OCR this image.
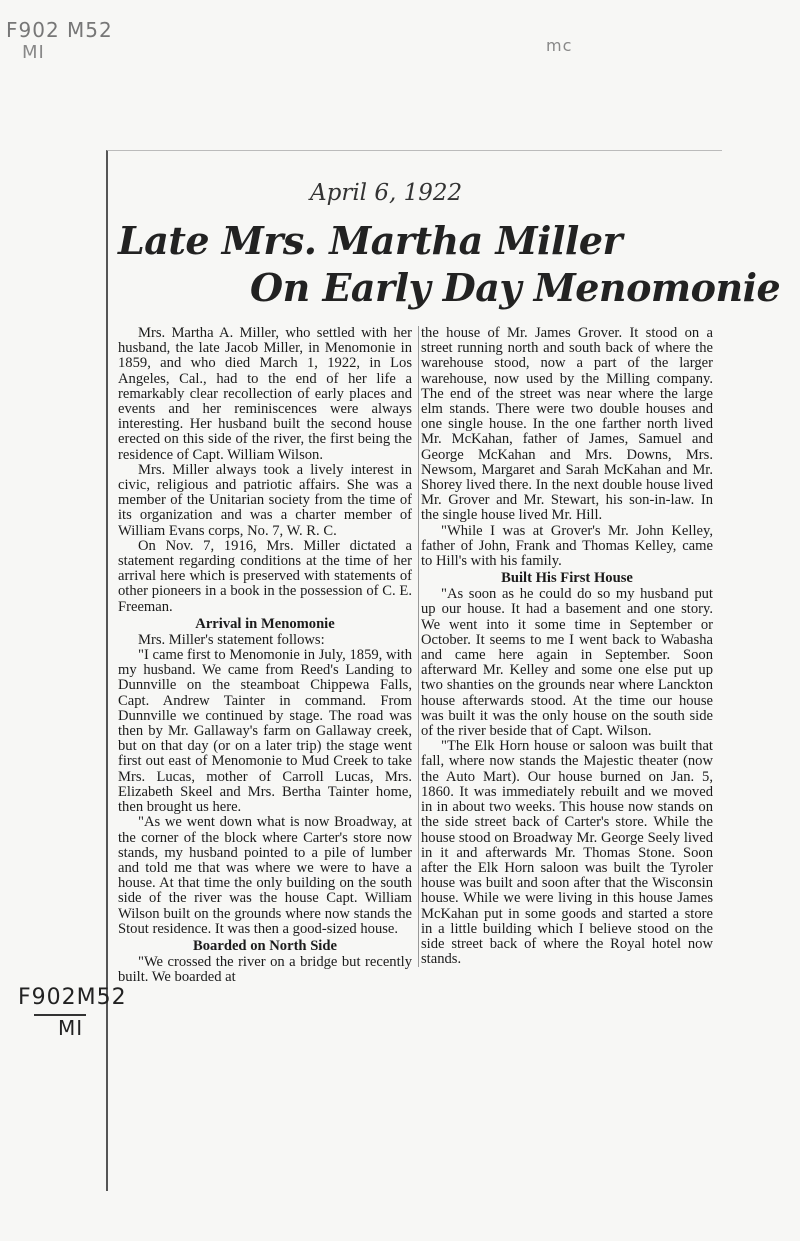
F902 M52
MI	mc
April 6, 1922
Late Mrs. Martha Miller
On Early Day Menomonie

Mrs. Martha A. Miller, who settled with her husband, the late Jacob Miller, in Menomonie in 1859, and who died March 1, 1922, in Los Angeles, Cal., had to the end of her life a remarkably clear recollection of early places and events and her reminiscences were always interesting. Her husband built the second house erected on this side of the river, the first being the residence of Capt. William Wilson.

Mrs. Miller always took a lively interest in civic, religious and patriotic affairs. She was a member of the Unitarian society from the time of its organization and was a charter member of William Evans corps, No. 7, W. R. C.

On Nov. 7, 1916, Mrs. Miller dictated a statement regarding conditions at the time of her arrival here which is preserved with statements of other pioneers in a book in the possession of C. E. Freeman.

Arrival in Menomonie

Mrs. Miller's statement follows:

"I came first to Menomonie in July, 1859, with my husband. We came from Reed's Landing to Dunnville on the steamboat Chippewa Falls, Capt. Andrew Tainter in command. From Dunnville we continued by stage. The road was then by Mr. Gallaway's farm on Gallaway creek, but on that day (or on a later trip) the stage went first out east of Menomonie to Mud Creek to take Mrs. Lucas, mother of Carroll Lucas, Mrs. Elizabeth Skeel and Mrs. Bertha Tainter home, then brought us here.

"As we went down what is now Broadway, at the corner of the block where Carter's store now stands, my husband pointed to a pile of lumber and told me that was where we were to have a house. At that time the only building on the south side of the river was the house Capt. William Wilson built on the grounds where now stands the Stout residence. It was then a good-sized house.

Boarded on North Side

"We crossed the river on a bridge but recently built. We boarded at

the house of Mr. James Grover. It stood on a street running north and south back of where the warehouse stood, now a part of the larger warehouse, now used by the Milling company. The end of the street was near where the large elm stands. There were two double houses and one single house. In the one farther north lived Mr. McKahan, father of James, Samuel and George McKahan and Mrs. Downs, Mrs. Newsom, Margaret and Sarah McKahan and Mr. Shorey lived there. In the next double house lived Mr. Grover and Mr. Stewart, his son-in-law. In the single house lived Mr. Hill.

"While I was at Grover's Mr. John Kelley, father of John, Frank and Thomas Kelley, came to Hill's with his family.

Built His First House

"As soon as he could do so my husband put up our house. It had a basement and one story. We went into it some time in September or October. It seems to me I went back to Wabasha and came here again in September. Soon afterward Mr. Kelley and some one else put up two shanties on the grounds near where Lanckton house afterwards stood. At the time our house was built it was the only house on the south side of the river beside that of Capt. Wilson.

"The Elk Horn house or saloon was built that fall, where now stands the Majestic theater (now the Auto Mart). Our house burned on Jan. 5, 1860. It was immediately rebuilt and we moved in in about two weeks. This house now stands on the side street back of Carter's store. While the house stood on Broadway Mr. George Seely lived in it and afterwards Mr. Thomas Stone. Soon after the Elk Horn saloon was built the Tyroler house was built and soon after that the Wisconsin house. While we were living in this house James McKahan put in some goods and started a store in a little building which I believe stood on the side street back of where the Royal hotel now stands.

F902M52
MI
